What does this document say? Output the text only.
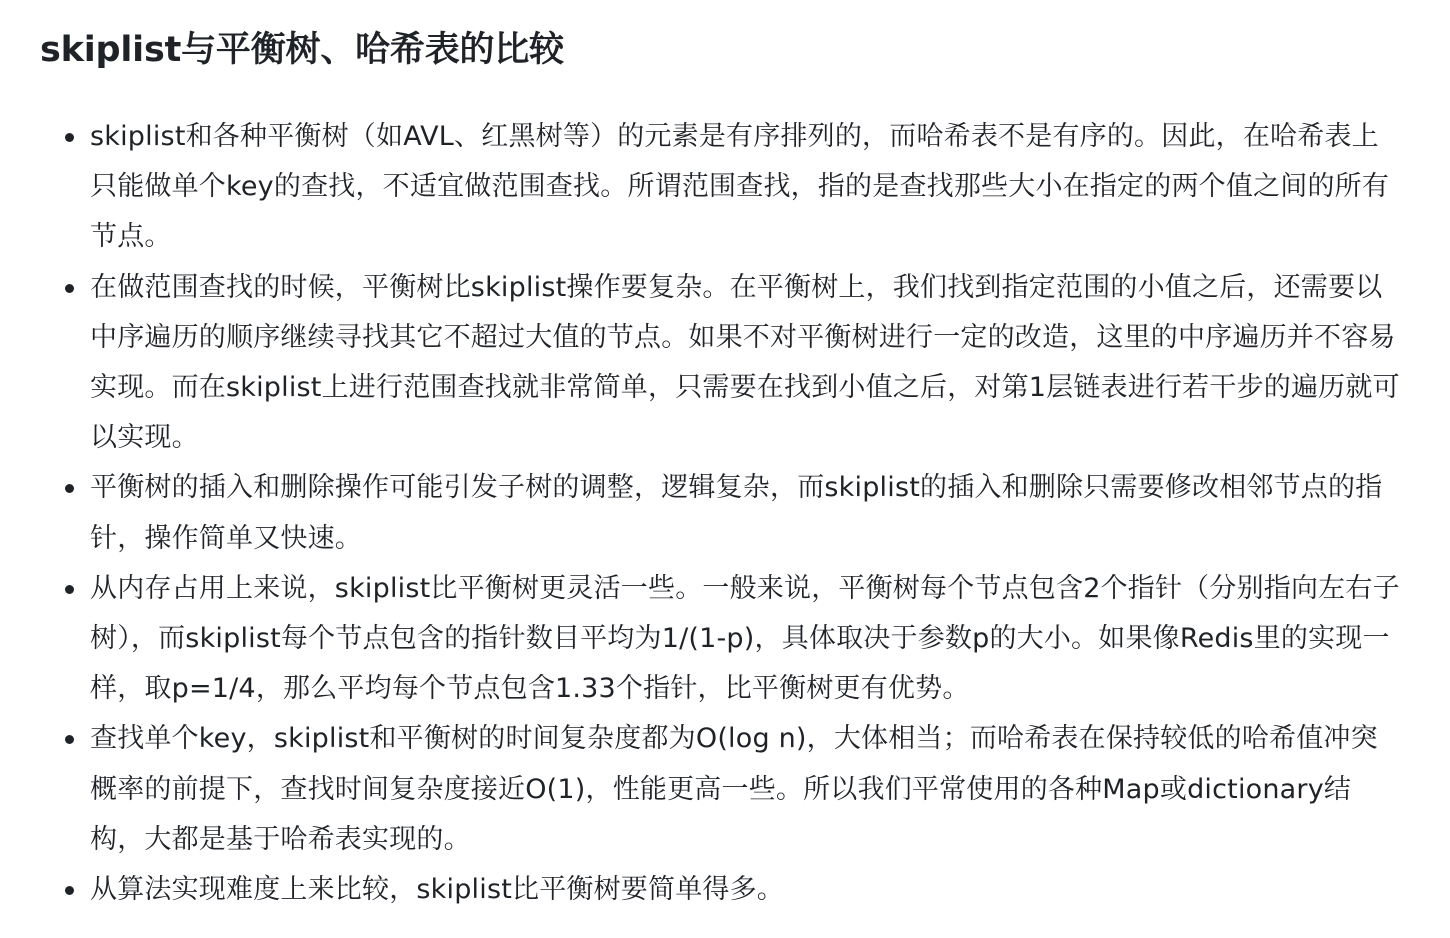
skiplist与平衡树、哈希表的比较
skiplist和各种平衡树（如AVL、红黑树等）的元素是有序排列的，而哈希表不是有序的。因此，在哈希表上只能做单个key的查找，不适宜做范围查找。所谓范围查找，指的是查找那些大小在指定的两个值之间的所有节点。
在做范围查找的时候，平衡树比skiplist操作要复杂。在平衡树上，我们找到指定范围的小值之后，还需要以中序遍历的顺序继续寻找其它不超过大值的节点。如果不对平衡树进行一定的改造，这里的中序遍历并不容易实现。而在skiplist上进行范围查找就非常简单，只需要在找到小值之后，对第1层链表进行若干步的遍历就可以实现。
平衡树的插入和删除操作可能引发子树的调整，逻辑复杂，而skiplist的插入和删除只需要修改相邻节点的指针，操作简单又快速。
从内存占用上来说，skiplist比平衡树更灵活一些。一般来说，平衡树每个节点包含2个指针（分别指向左右子树），而skiplist每个节点包含的指针数目平均为1/(1-p)，具体取决于参数p的大小。如果像Redis里的实现一样，取p=1/4，那么平均每个节点包含1.33个指针，比平衡树更有优势。
查找单个key，skiplist和平衡树的时间复杂度都为O(log n)，大体相当；而哈希表在保持较低的哈希值冲突概率的前提下，查找时间复杂度接近O(1)，性能更高一些。所以我们平常使用的各种Map或dictionary结构，大都是基于哈希表实现的。
从算法实现难度上来比较，skiplist比平衡树要简单得多。
